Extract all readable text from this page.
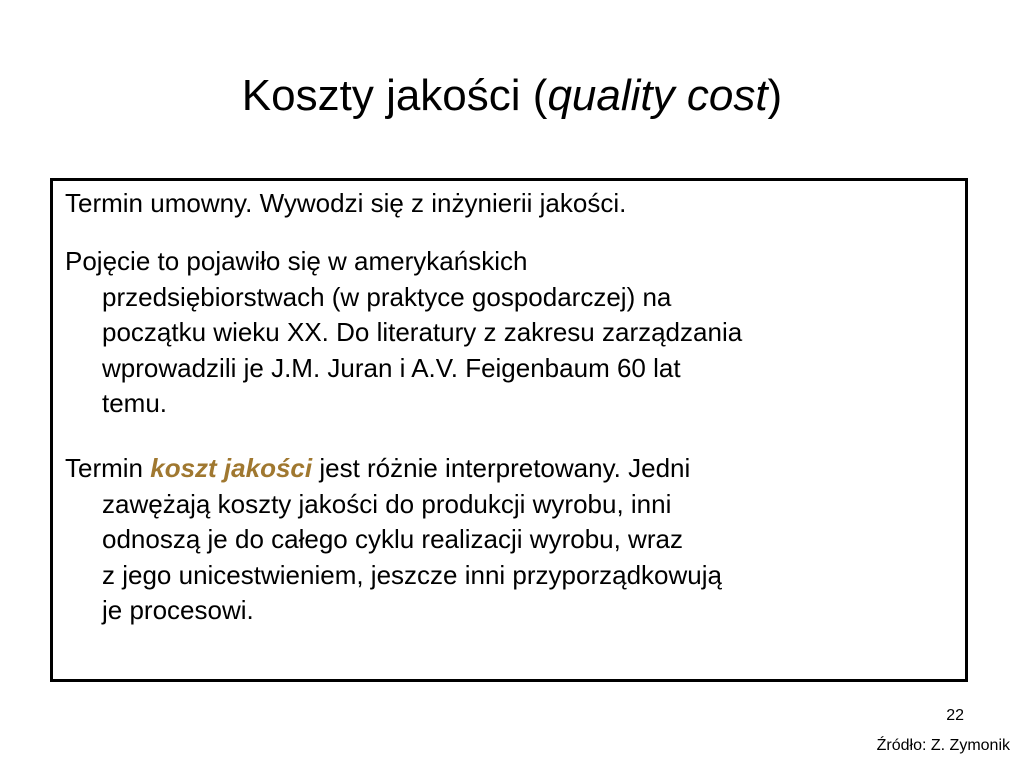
Koszty jakości (quality cost)
Termin umowny. Wywodzi się z inżynierii jakości.
Pojęcie to pojawiło się w amerykańskich
przedsiębiorstwach (w praktyce gospodarczej) na
początku wieku XX. Do literatury z zakresu zarządzania
wprowadzili je J.M. Juran i A.V. Feigenbaum 60 lat
temu.
Termin koszt jakości jest różnie interpretowany. Jedni
zawężają koszty jakości do produkcji wyrobu, inni
odnoszą je do całego cyklu realizacji wyrobu, wraz
z jego unicestwieniem, jeszcze inni przyporządkowują
je procesowi.
22
Źródło: Z. Zymonik
